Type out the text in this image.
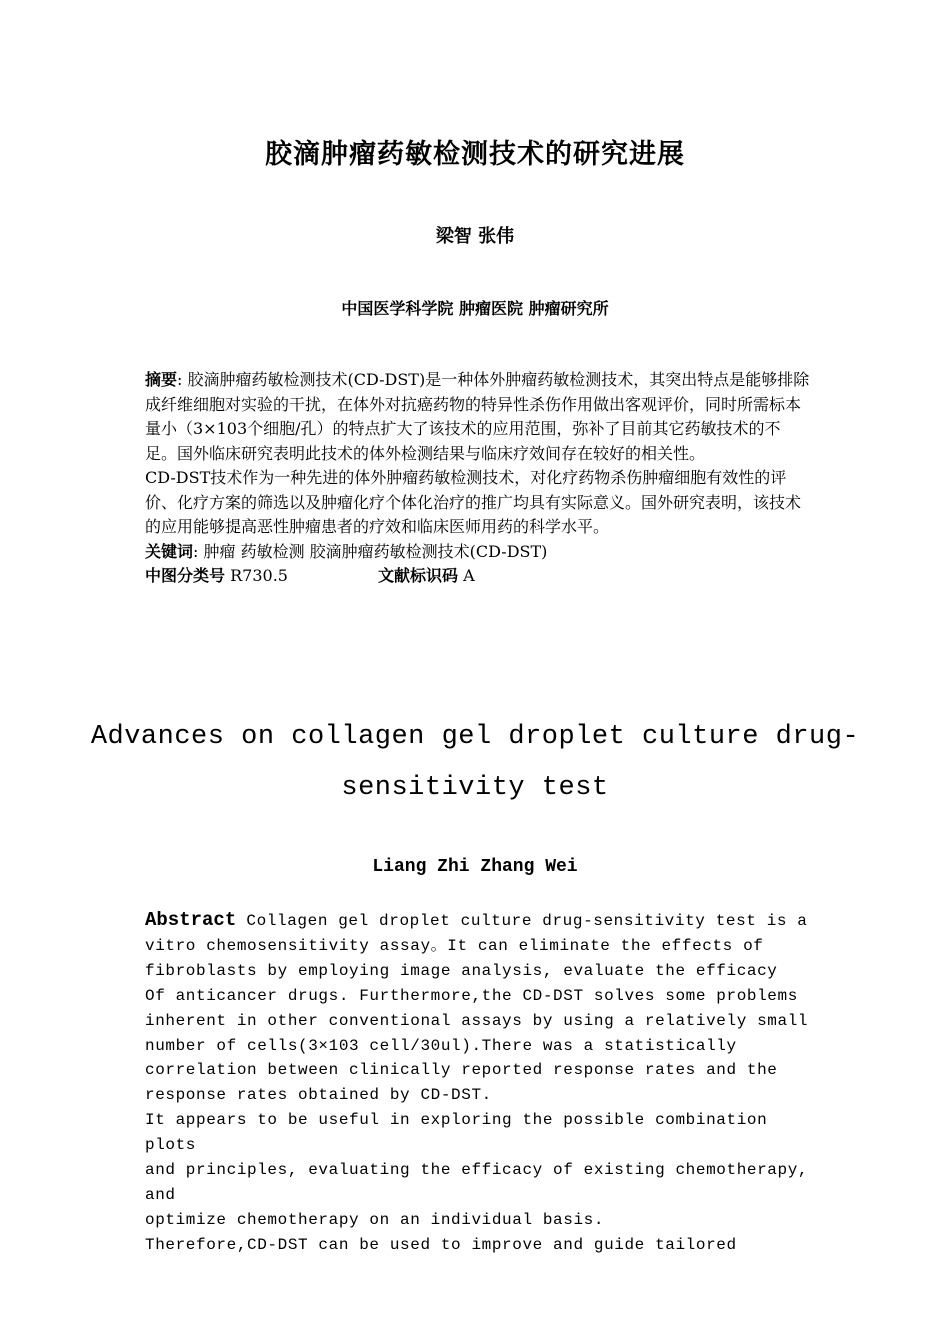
胶滴肿瘤药敏检测技术的研究进展
梁智 张伟
中国医学科学院 肿瘤医院 肿瘤研究所

摘要: 胶滴肿瘤药敏检测技术(CD-DST)是一种体外肿瘤药敏检测技术，其突出特点是能够排除成纤维细胞对实验的干扰，在体外对抗癌药物的特异性杀伤作用做出客观评价，同时所需标本量小（3×103个细胞/孔）的特点扩大了该技术的应用范围，弥补了目前其它药敏技术的不足。国外临床研究表明此技术的体外检测结果与临床疗效间存在较好的相关性。

CD-DST技术作为一种先进的体外肿瘤药敏检测技术，对化疗药物杀伤肿瘤细胞有效性的评价、化疗方案的筛选以及肿瘤化疗个体化治疗的推广均具有实际意义。国外研究表明，该技术的应用能够提高恶性肿瘤患者的疗效和临床医师用药的科学水平。

关键词: 肿瘤 药敏检测 胶滴肿瘤药敏检测技术(CD-DST)

中图分类号 R730.5	文献标识码 A

Advances on collagen gel droplet culture drug-sensitivity test
Liang Zhi Zhang Wei
Abstract Collagen gel droplet culture drug-sensitivity test is a
vitro chemosensitivity assay。It can eliminate the effects of
fibroblasts by employing image analysis, evaluate the efficacy
Of anticancer drugs. Furthermore,the CD-DST solves some problems
inherent in other conventional assays by using a relatively small
number of cells(3×103 cell/30ul).There was a statistically
correlation between clinically reported response rates and the
response rates obtained by CD-DST.
It appears to be useful in exploring the possible combination plots
and principles, evaluating the efficacy of existing chemotherapy, and
optimize chemotherapy on an individual basis.
Therefore,CD-DST can be used to improve and guide tailored
